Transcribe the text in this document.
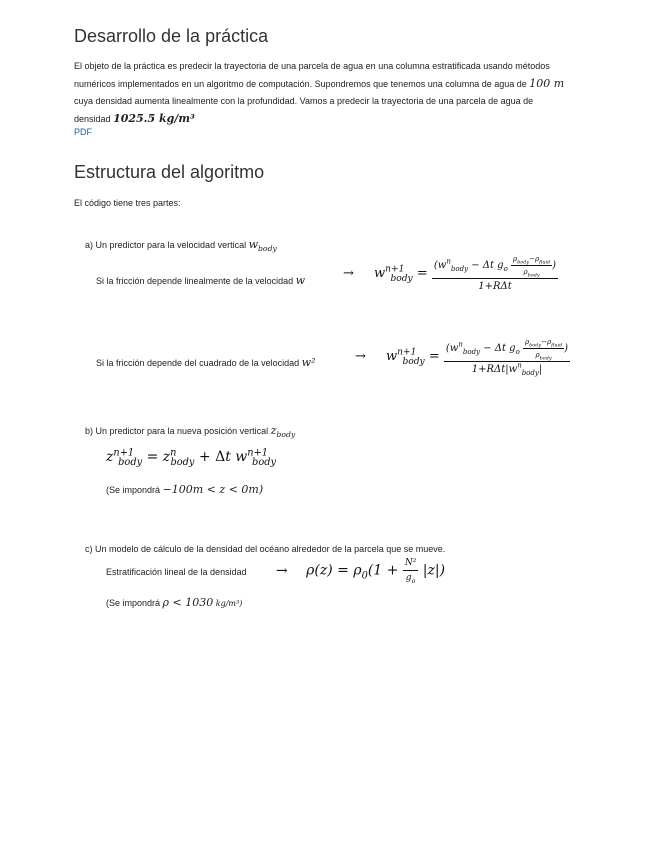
Desarrollo de la práctica
El objeto de la práctica es predecir la trayectoria de una parcela de agua en una columna estratificada usando métodos
numéricos implementados en un algoritmo de computación. Supondremos que tenemos una columna de agua de 100 m
cuya densidad aumenta linealmente con la profundidad. Vamos a predecir la trayectoria de una parcela de agua de
densidad 1025.5 kg/m³
PDF
Estructura del algoritmo
El código tiene tres partes:
a) Un predictor para la velocidad vertical $w_{body}$
Si la fricción depende linealmente de la velocidad w	→ $w^{n+1}_{body} = \frac{(w^n_{body} - \Delta t g_o \frac{\rho_{body}-\rho_{fluid}}{\rho_{body}} )}{\text{1+RΔt}}$
Si la fricción depende del cuadrado de la velocidad w²	→ $w^{n+1}_{body} = \frac{(w^n_{body} - \Delta t g_o \frac{\rho_{body}-\rho_{fluid}}{\rho_{body}} )}{1+R\Delta t|w^n_{body}|}$
b) Un predictor para la nueva posición vertical $z_{body}$
$z^{n+1}_{body} = z^n_{body} + \Delta t$ $w^{n+1}_{body}$
(Se impondrá −100m < z < 0m)
c) Un modelo de cálculo de la densidad del océano alrededor de la parcela que se mueve.
Estratificación lineal de la densidad → $\rho(z) = \rho_0(1 + \frac{\text{N²}}{g_o} |z|)$
(Se impondrá ρ < 1030 kg/m³)
